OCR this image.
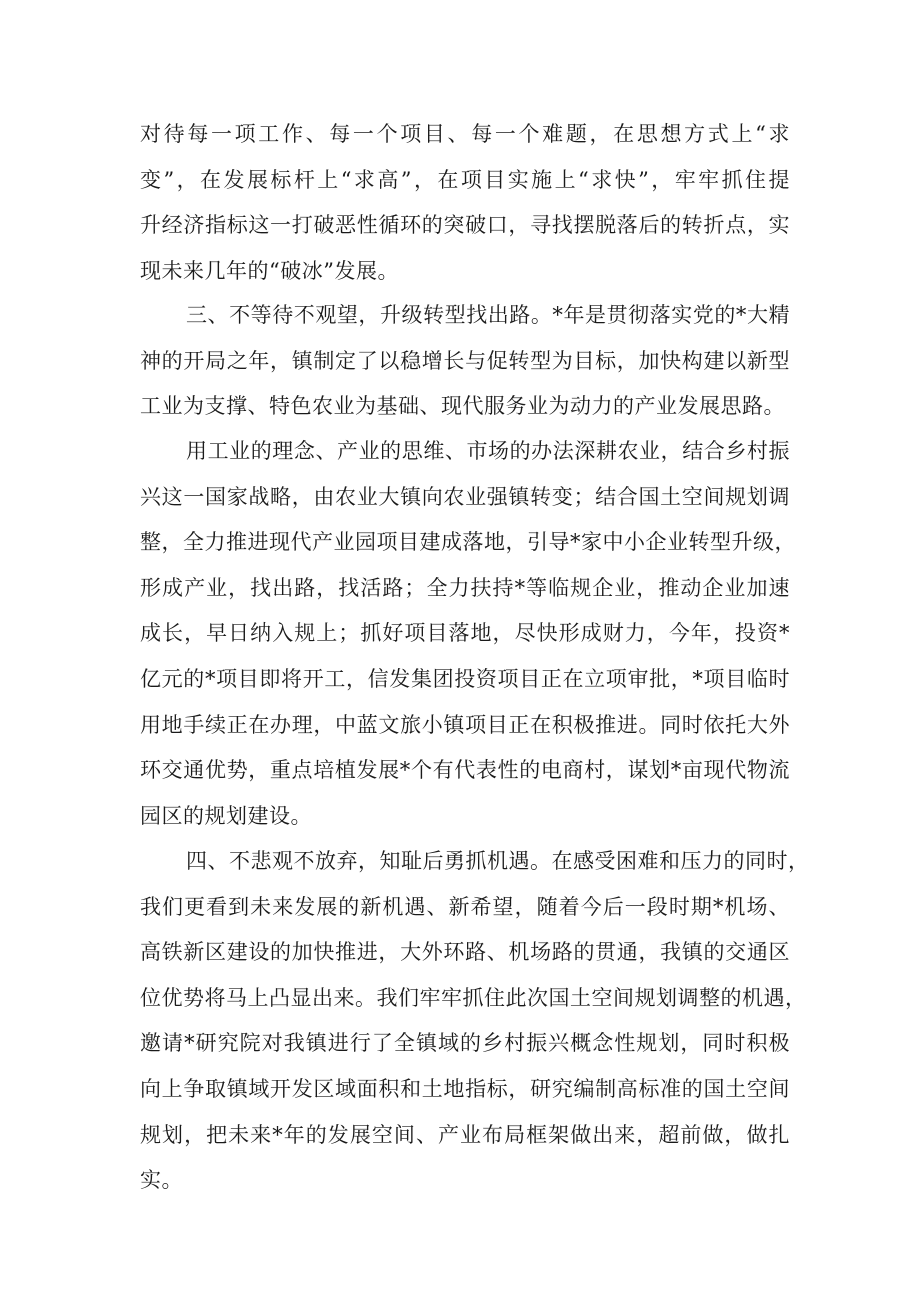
对待每一项工作、每一个项目、每一个难题，在思想方式上“求
变”，在发展标杆上“求高”，在项目实施上“求快”，牢牢抓住提
升经济指标这一打破恶性循环的突破口，寻找摆脱落后的转折点，实
现未来几年的“破冰”发展。
三、不等待不观望，升级转型找出路。*年是贯彻落实党的*大精
神的开局之年，镇制定了以稳增长与促转型为目标，加快构建以新型
工业为支撑、特色农业为基础、现代服务业为动力的产业发展思路。
用工业的理念、产业的思维、市场的办法深耕农业，结合乡村振
兴这一国家战略，由农业大镇向农业强镇转变；结合国土空间规划调
整，全力推进现代产业园项目建成落地，引导*家中小企业转型升级，
形成产业，找出路，找活路；全力扶持*等临规企业，推动企业加速
成长，早日纳入规上；抓好项目落地，尽快形成财力，今年，投资*
亿元的*项目即将开工，信发集团投资项目正在立项审批，*项目临时
用地手续正在办理，中蓝文旅小镇项目正在积极推进。同时依托大外
环交通优势，重点培植发展*个有代表性的电商村，谋划*亩现代物流
园区的规划建设。
四、不悲观不放弃，知耻后勇抓机遇。在感受困难和压力的同时，
我们更看到未来发展的新机遇、新希望，随着今后一段时期*机场、
高铁新区建设的加快推进，大外环路、机场路的贯通，我镇的交通区
位优势将马上凸显出来。我们牢牢抓住此次国土空间规划调整的机遇，
邀请*研究院对我镇进行了全镇域的乡村振兴概念性规划，同时积极
向上争取镇域开发区域面积和土地指标，研究编制高标准的国土空间
规划，把未来*年的发展空间、产业布局框架做出来，超前做，做扎
实。
